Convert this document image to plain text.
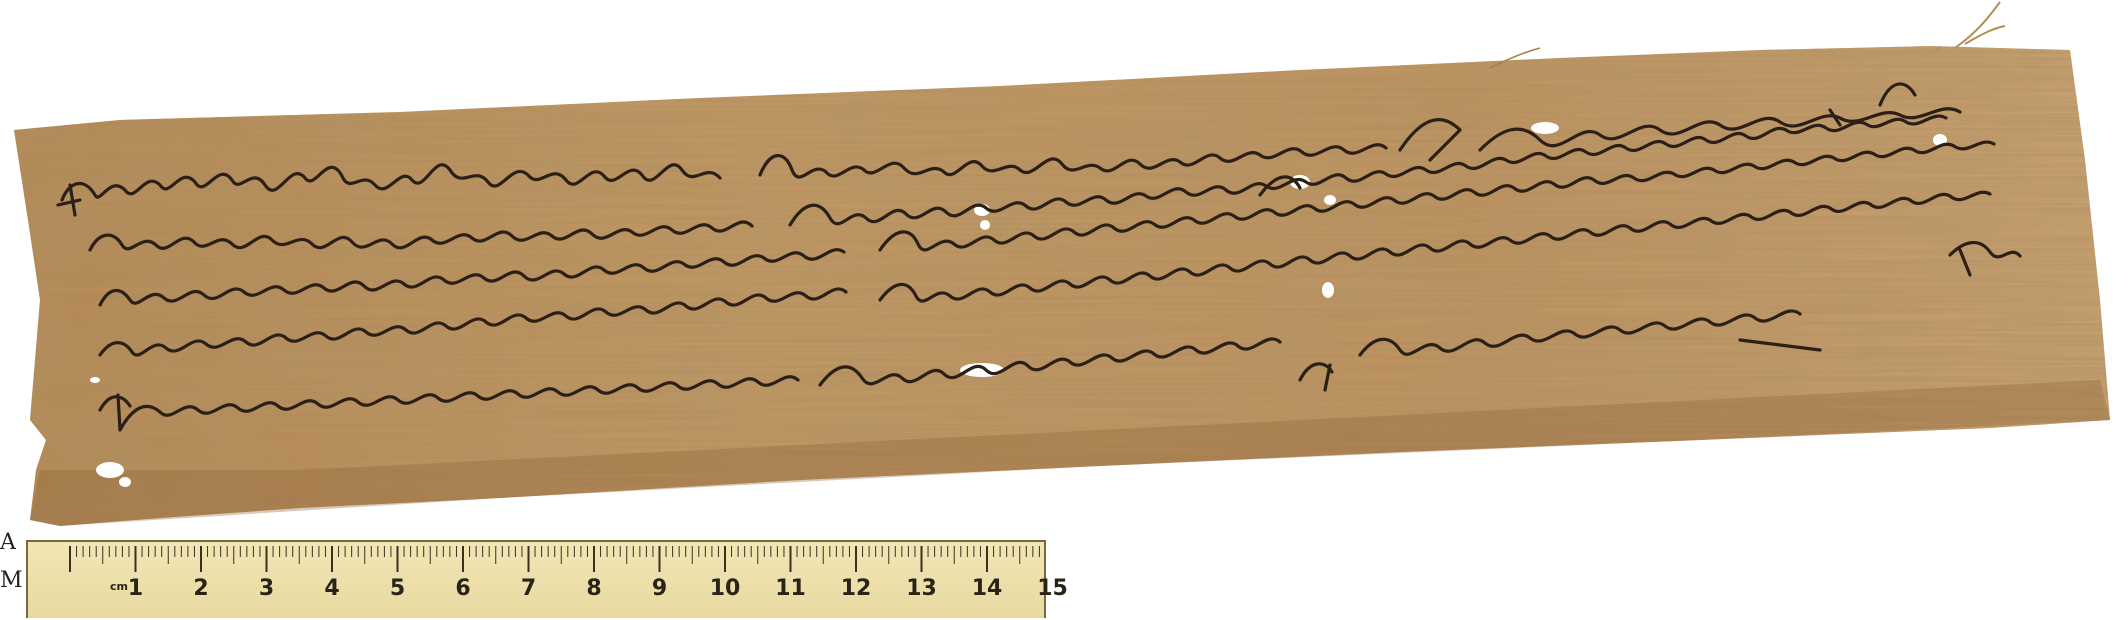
A
M	cm 1 2 3 4 5 6 7 8 9 10 11 12 13 14 15
